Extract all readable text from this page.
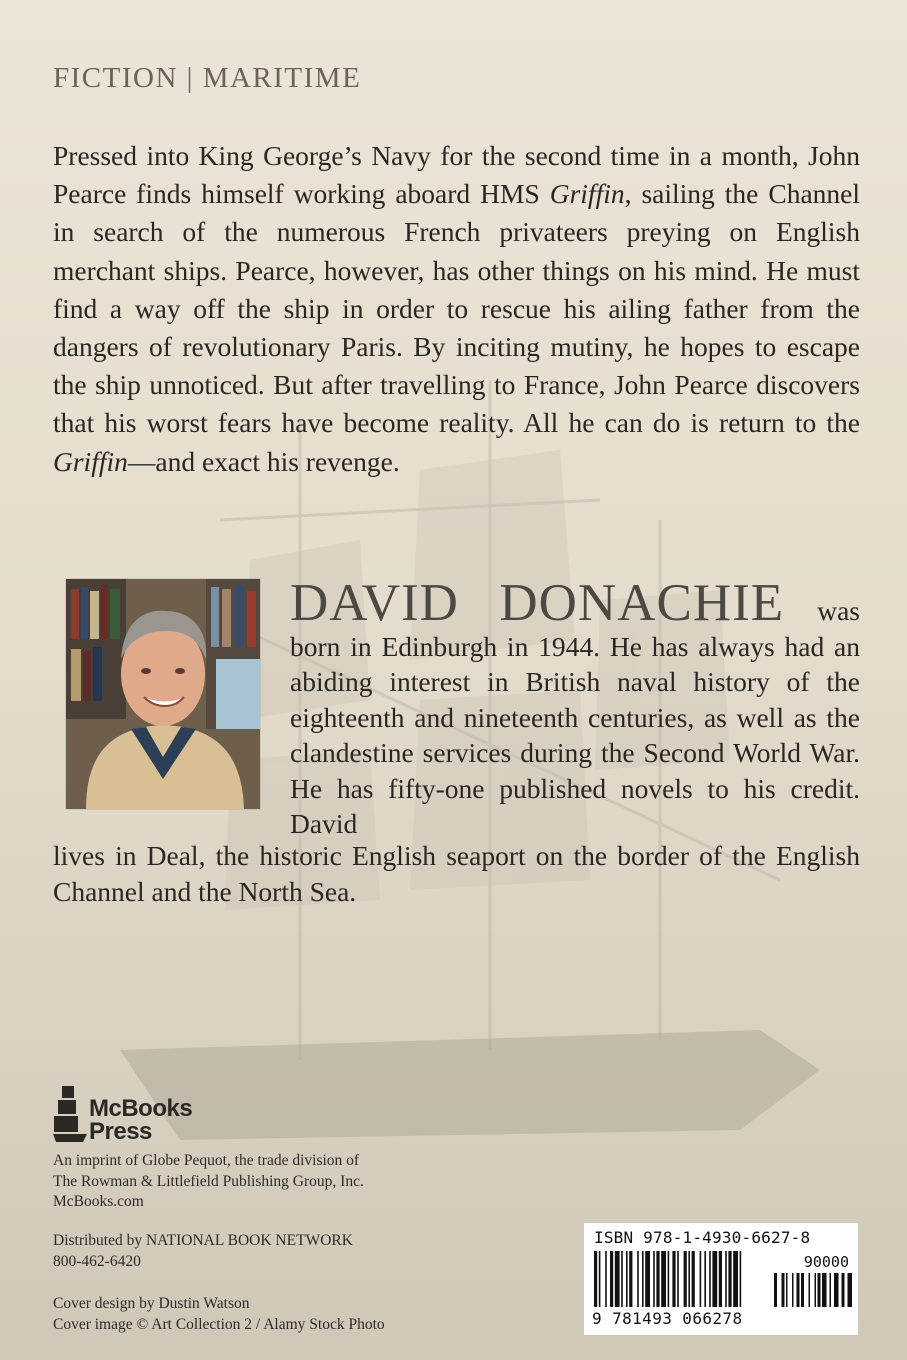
FICTION | MARITIME

Pressed into King George’s Navy for the second time in a month, John Pearce finds himself working aboard HMS Griffin, sailing the Channel in search of the numerous French privateers preying on English merchant ships. Pearce, however, has other things on his mind. He must find a way off the ship in order to rescue his ailing father from the dangers of revolutionary Paris. By inciting mutiny, he hopes to escape the ship unnoticed. But after travelling to France, John Pearce discovers that his worst fears have become reality. All he can do is return to the Griffin—and exact his revenge.

DAVID DONACHIE was born in Edinburgh in 1944. He has always had an abiding interest in British naval history of the eighteenth and nineteenth centuries, as well as the clandestine services during the Second World War. He has fifty-one published novels to his credit. David

lives in Deal, the historic English seaport on the border of the English Channel and the North Sea.

McBooks
Press
An imprint of Globe Pequot, the trade division of
The Rowman & Littlefield Publishing Group, Inc.
McBooks.com
Distributed by NATIONAL BOOK NETWORK
800-462-6420
Cover design by Dustin Watson
Cover image © Art Collection 2 / Alamy Stock Photo
ISBN 978-1-4930-6627-8
90000
9 781493 066278
